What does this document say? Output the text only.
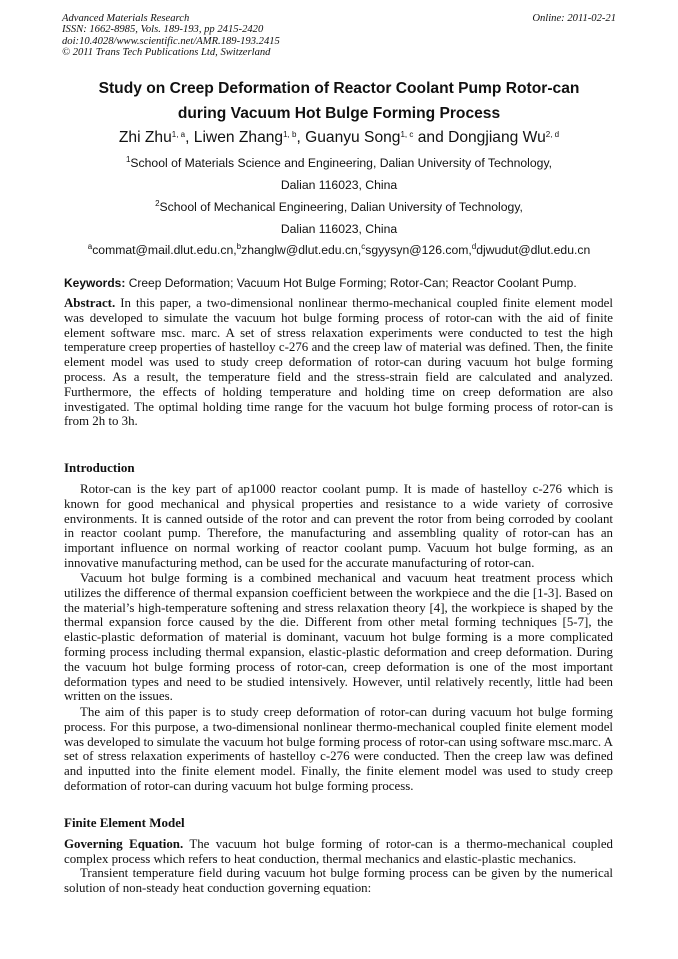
Advanced Materials Research
ISSN: 1662-8985, Vols. 189-193, pp 2415-2420
doi:10.4028/www.scientific.net/AMR.189-193.2415
© 2011 Trans Tech Publications Ltd, Switzerland
Online: 2011-02-21
Study on Creep Deformation of Reactor Coolant Pump Rotor-can
during Vacuum Hot Bulge Forming Process
Zhi Zhu$^{1, a}$, Liwen Zhang$^{1, b}$, Guanyu Song$^{1, c}$ and Dongjiang Wu$^{2, d}$
$^1$School of Materials Science and Engineering, Dalian University of Technology,
Dalian 116023, China
$^2$School of Mechanical Engineering, Dalian University of Technology,
Dalian 116023, China
$^a$commat@mail.dlut.edu.cn,$^b$zhanglw@dlut.edu.cn,$^c$sgyysyn@126.com,$^d$djwudut@dlut.edu.cn
Keywords: Creep Deformation; Vacuum Hot Bulge Forming; Rotor-Can; Reactor Coolant Pump.
Abstract. In this paper, a two-dimensional nonlinear thermo-mechanical coupled finite element model was developed to simulate the vacuum hot bulge forming process of rotor-can with the aid of finite element software msc. marc. A set of stress relaxation experiments were conducted to test the high temperature creep properties of hastelloy c-276 and the creep law of material was defined. Then, the finite element model was used to study creep deformation of rotor-can during vacuum hot bulge forming process. As a result, the temperature field and the stress-strain field are calculated and analyzed. Furthermore, the effects of holding temperature and holding time on creep deformation are also investigated. The optimal holding time range for the vacuum hot bulge forming process of rotor-can is from 2h to 3h.
Introduction
Rotor-can is the key part of ap1000 reactor coolant pump. It is made of hastelloy c-276 which is known for good mechanical and physical properties and resistance to a wide variety of corrosive environments. It is canned outside of the rotor and can prevent the rotor from being corroded by coolant in reactor coolant pump. Therefore, the manufacturing and assembling quality of rotor-can has an important influence on normal working of reactor coolant pump. Vacuum hot bulge forming, as an innovative manufacturing method, can be used for the accurate manufacturing of rotor-can.
Vacuum hot bulge forming is a combined mechanical and vacuum heat treatment process which utilizes the difference of thermal expansion coefficient between the workpiece and the die [1-3]. Based on the material’s high-temperature softening and stress relaxation theory [4], the workpiece is shaped by the thermal expansion force caused by the die. Different from other metal forming techniques [5-7], the elastic-plastic deformation of material is dominant, vacuum hot bulge forming is a more complicated forming process including thermal expansion, elastic-plastic deformation and creep deformation. During the vacuum hot bulge forming process of rotor-can, creep deformation is one of the most important deformation types and need to be studied intensively. However, until relatively recently, little had been written on the issues.
The aim of this paper is to study creep deformation of rotor-can during vacuum hot bulge forming process. For this purpose, a two-dimensional nonlinear thermo-mechanical coupled finite element model was developed to simulate the vacuum hot bulge forming process of rotor-can using software msc.marc. A set of stress relaxation experiments of hastelloy c-276 were conducted. Then the creep law was defined and inputted into the finite element model. Finally, the finite element model was used to study creep deformation of rotor-can during vacuum hot bulge forming process.
Finite Element Model
Governing Equation. The vacuum hot bulge forming of rotor-can is a thermo-mechanical coupled complex process which refers to heat conduction, thermal mechanics and elastic-plastic mechanics.
Transient temperature field during vacuum hot bulge forming process can be given by the numerical solution of non-steady heat conduction governing equation:
